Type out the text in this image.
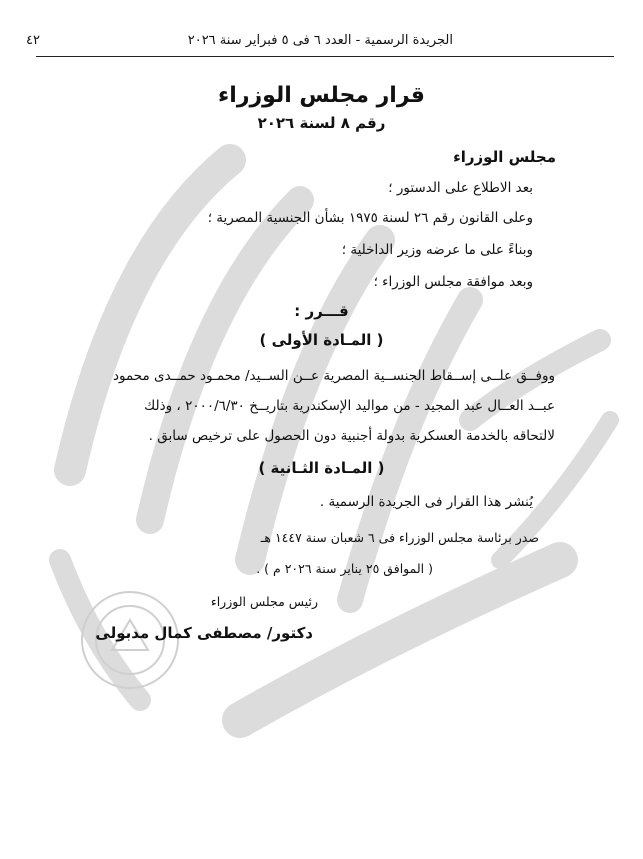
٤٢	الجريدة الرسمية - العدد ٦ فى ٥ فبراير سنة ٢٠٢٦
قرار مجلس الوزراء
رقم ٨ لسنة ٢٠٢٦
مجلس الوزراء
بعد الاطلاع على الدستور ؛
وعلى القانون رقم ٢٦ لسنة ١٩٧٥ بشأن الجنسية المصرية ؛
وبناءً على ما عرضه وزير الداخلية ؛
وبعد موافقة مجلس الوزراء ؛
قـــرر :
( المـادة الأولى )
ووفــق علــى إســقاط الجنســية المصرية عــن الســيد/ محمـود حمــدى محمود
عبــد العــال عبد المجيد - من مواليد الإسكندرية بتاريــخ ٢٠٠٠/٦/٣٠ ، وذلك
لالتحاقه بالخدمة العسكرية بدولة أجنبية دون الحصول على ترخيص سابق .
( المـادة الثـانية )
يُنشر هذا القرار فى الجريدة الرسمية .
صدر برئاسة مجلس الوزراء فى ٦ شعبان سنة ١٤٤٧ هـ
( الموافق ٢٥ يناير سنة ٢٠٢٦ م ) .
رئيس مجلس الوزراء
دكتور/ مصطفى كمال مدبولى
